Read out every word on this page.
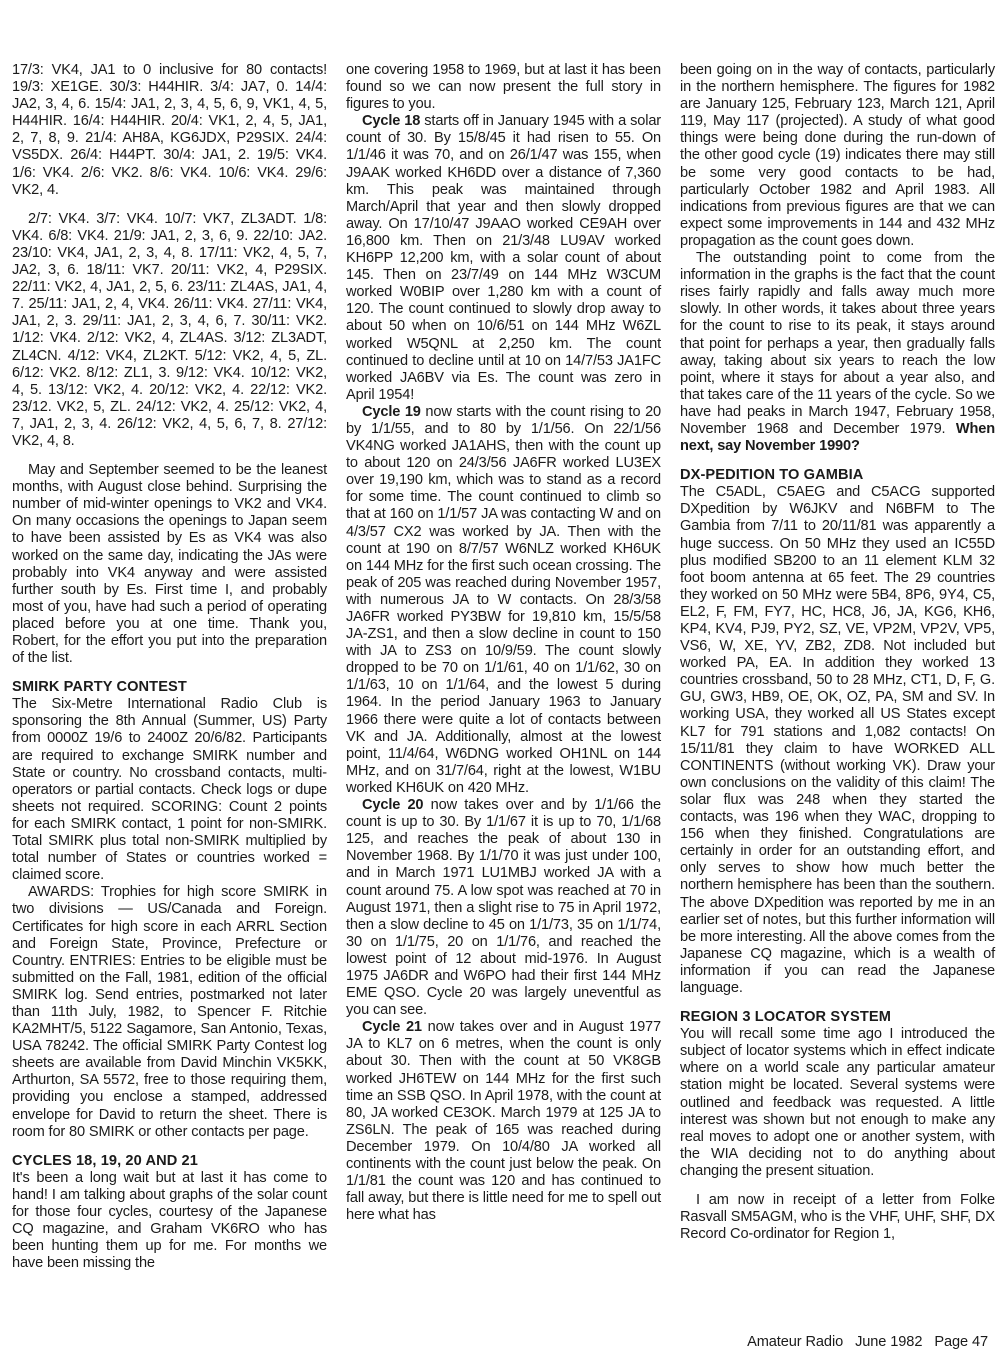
17/3: VK4, JA1 to 0 inclusive for 80 contacts! 19/3: XE1GE. 30/3: H44HIR. 3/4: JA7, 0. 14/4: JA2, 3, 4, 6. 15/4: JA1, 2, 3, 4, 5, 6, 9, VK1, 4, 5, H44HIR. 16/4: H44HIR. 20/4: VK1, 2, 4, 5, JA1, 2, 7, 8, 9. 21/4: AH8A, KG6JDX, P29SIX. 24/4: VS5DX. 26/4: H44PT. 30/4: JA1, 2. 19/5: VK4. 1/6: VK4. 2/6: VK2. 8/6: VK4. 10/6: VK4. 29/6: VK2, 4.

2/7: VK4. 3/7: VK4. 10/7: VK7, ZL3ADT. 1/8: VK4. 6/8: VK4. 21/9: JA1, 2, 3, 6, 9. 22/10: JA2. 23/10: VK4, JA1, 2, 3, 4, 8. 17/11: VK2, 4, 5, 7, JA2, 3, 6. 18/11: VK7. 20/11: VK2, 4, P29SIX. 22/11: VK2, 4, JA1, 2, 5, 6. 23/11: ZL4AS, JA1, 4, 7. 25/11: JA1, 2, 4, VK4. 26/11: VK4. 27/11: VK4, JA1, 2, 3. 29/11: JA1, 2, 3, 4, 6, 7. 30/11: VK2. 1/12: VK4. 2/12: VK2, 4, ZL4AS. 3/12: ZL3ADT, ZL4CN. 4/12: VK4, ZL2KT. 5/12: VK2, 4, 5, ZL. 6/12: VK2. 8/12: ZL1, 3. 9/12: VK4. 10/12: VK2, 4, 5. 13/12: VK2, 4. 20/12: VK2, 4. 22/12: VK2. 23/12. VK2, 5, ZL. 24/12: VK2, 4. 25/12: VK2, 4, 7, JA1, 2, 3, 4. 26/12: VK2, 4, 5, 6, 7, 8. 27/12: VK2, 4, 8.

May and September seemed to be the leanest months, with August close behind. Surprising the number of mid-winter openings to VK2 and VK4. On many occasions the openings to Japan seem to have been assisted by Es as VK4 was also worked on the same day, indicating the JAs were probably into VK4 anyway and were assisted further south by Es. First time I, and probably most of you, have had such a period of operating placed before you at one time. Thank you, Robert, for the effort you put into the preparation of the list.

SMIRK PARTY CONTEST

The Six-Metre International Radio Club is sponsoring the 8th Annual (Summer, US) Party from 0000Z 19/6 to 2400Z 20/6/82. Participants are required to exchange SMIRK number and State or country. No crossband contacts, multi-operators or partial contacts. Check logs or dupe sheets not required. SCORING: Count 2 points for each SMIRK contact, 1 point for non-SMIRK. Total SMIRK plus total non-SMIRK multiplied by total number of States or countries worked = claimed score.

AWARDS: Trophies for high score SMIRK in two divisions — US/Canada and Foreign. Certificates for high score in each ARRL Section and Foreign State, Province, Prefecture or Country. ENTRIES: Entries to be eligible must be submitted on the Fall, 1981, edition of the official SMIRK log. Send entries, postmarked not later than 11th July, 1982, to Spencer F. Ritchie KA2MHT/5, 5122 Sagamore, San Antonio, Texas, USA 78242. The official SMIRK Party Contest log sheets are available from David Minchin VK5KK, Arthurton, SA 5572, free to those requiring them, providing you enclose a stamped, addressed envelope for David to return the sheet. There is room for 80 SMIRK or other contacts per page.

CYCLES 18, 19, 20 AND 21

It's been a long wait but at last it has come to hand! I am talking about graphs of the solar count for those four cycles, courtesy of the Japanese CQ magazine, and Graham VK6RO who has been hunting them up for me. For months we have been missing the

one covering 1958 to 1969, but at last it has been found so we can now present the full story in figures to you.

Cycle 18 starts off in January 1945 with a solar count of 30. By 15/8/45 it had risen to 55. On 1/1/46 it was 70, and on 26/1/47 was 155, when J9AAK worked KH6DD over a distance of 7,360 km. This peak was maintained through March/April that year and then slowly dropped away. On 17/10/47 J9AAO worked CE9AH over 16,800 km. Then on 21/3/48 LU9AV worked KH6PP 12,200 km, with a solar count of about 145. Then on 23/7/49 on 144 MHz W3CUM worked W0BIP over 1,280 km with a count of 120. The count continued to slowly drop away to about 50 when on 10/6/51 on 144 MHz W6ZL worked W5QNL at 2,250 km. The count continued to decline until at 10 on 14/7/53 JA1FC worked JA6BV via Es. The count was zero in April 1954!

Cycle 19 now starts with the count rising to 20 by 1/1/55, and to 80 by 1/1/56. On 22/1/56 VK4NG worked JA1AHS, then with the count up to about 120 on 24/3/56 JA6FR worked LU3EX over 19,190 km, which was to stand as a record for some time. The count continued to climb so that at 160 on 1/1/57 JA was contacting W and on 4/3/57 CX2 was worked by JA. Then with the count at 190 on 8/7/57 W6NLZ worked KH6UK on 144 MHz for the first such ocean crossing. The peak of 205 was reached during November 1957, with numerous JA to W contacts. On 28/3/58 JA6FR worked PY3BW for 19,810 km, 15/5/58 JA-ZS1, and then a slow decline in count to 150 with JA to ZS3 on 10/9/59. The count slowly dropped to be 70 on 1/1/61, 40 on 1/1/62, 30 on 1/1/63, 10 on 1/1/64, and the lowest 5 during 1964. In the period January 1963 to January 1966 there were quite a lot of contacts between VK and JA. Additionally, almost at the lowest point, 11/4/64, W6DNG worked OH1NL on 144 MHz, and on 31/7/64, right at the lowest, W1BU worked KH6UK on 420 MHz.

Cycle 20 now takes over and by 1/1/66 the count is up to 30. By 1/1/67 it is up to 70, 1/1/68 125, and reaches the peak of about 130 in November 1968. By 1/1/70 it was just under 100, and in March 1971 LU1MBJ worked JA with a count around 75. A low spot was reached at 70 in August 1971, then a slight rise to 75 in April 1972, then a slow decline to 45 on 1/1/73, 35 on 1/1/74, 30 on 1/1/75, 20 on 1/1/76, and reached the lowest point of 12 about mid-1976. In August 1975 JA6DR and W6PO had their first 144 MHz EME QSO. Cycle 20 was largely uneventful as you can see.

Cycle 21 now takes over and in August 1977 JA to KL7 on 6 metres, when the count is only about 30. Then with the count at 50 VK8GB worked JH6TEW on 144 MHz for the first such time an SSB QSO. In April 1978, with the count at 80, JA worked CE3OK. March 1979 at 125 JA to ZS6LN. The peak of 165 was reached during December 1979. On 10/4/80 JA worked all continents with the count just below the peak. On 1/1/81 the count was 120 and has continued to fall away, but there is little need for me to spell out here what has

been going on in the way of contacts, particularly in the northern hemisphere. The figures for 1982 are January 125, February 123, March 121, April 119, May 117 (projected). A study of what good things were being done during the run-down of the other good cycle (19) indicates there may still be some very good contacts to be had, particularly October 1982 and April 1983. All indications from previous figures are that we can expect some improvements in 144 and 432 MHz propagation as the count goes down.

The outstanding point to come from the information in the graphs is the fact that the count rises fairly rapidly and falls away much more slowly. In other words, it takes about three years for the count to rise to its peak, it stays around that point for perhaps a year, then gradually falls away, taking about six years to reach the low point, where it stays for about a year also, and that takes care of the 11 years of the cycle. So we have had peaks in March 1947, February 1958, November 1968 and December 1979. When next, say November 1990?

DX-PEDITION TO GAMBIA

The C5ADL, C5AEG and C5ACG supported DXpedition by W6JKV and N6BFM to The Gambia from 7/11 to 20/11/81 was apparently a huge success. On 50 MHz they used an IC55D plus modified SB200 to an 11 element KLM 32 foot boom antenna at 65 feet. The 29 countries they worked on 50 MHz were 5B4, 8P6, 9Y4, C5, EL2, F, FM, FY7, HC, HC8, J6, JA, KG6, KH6, KP4, KV4, PJ9, PY2, SZ, VE, VP2M, VP2V, VP5, VS6, W, XE, YV, ZB2, ZD8. Not included but worked PA, EA. In addition they worked 13 countries crossband, 50 to 28 MHz, CT1, D, F, G. GU, GW3, HB9, OE, OK, OZ, PA, SM and SV. In working USA, they worked all US States except KL7 for 791 stations and 1,082 contacts! On 15/11/81 they claim to have WORKED ALL CONTINENTS (without working VK). Draw your own conclusions on the validity of this claim! The solar flux was 248 when they started the contacts, was 196 when they WAC, dropping to 156 when they finished. Congratulations are certainly in order for an outstanding effort, and only serves to show how much better the northern hemisphere has been than the southern. The above DXpedition was reported by me in an earlier set of notes, but this further information will be more interesting. All the above comes from the Japanese CQ magazine, which is a wealth of information if you can read the Japanese language.

REGION 3 LOCATOR SYSTEM

You will recall some time ago I introduced the subject of locator systems which in effect indicate where on a world scale any particular amateur station might be located. Several systems were outlined and feedback was requested. A little interest was shown but not enough to make any real moves to adopt one or another system, with the WIA deciding not to do anything about changing the present situation.

I am now in receipt of a letter from Folke Rasvall SM5AGM, who is the VHF, UHF, SHF, DX Record Co-ordinator for Region 1,

Amateur Radio June 1982 Page 47
